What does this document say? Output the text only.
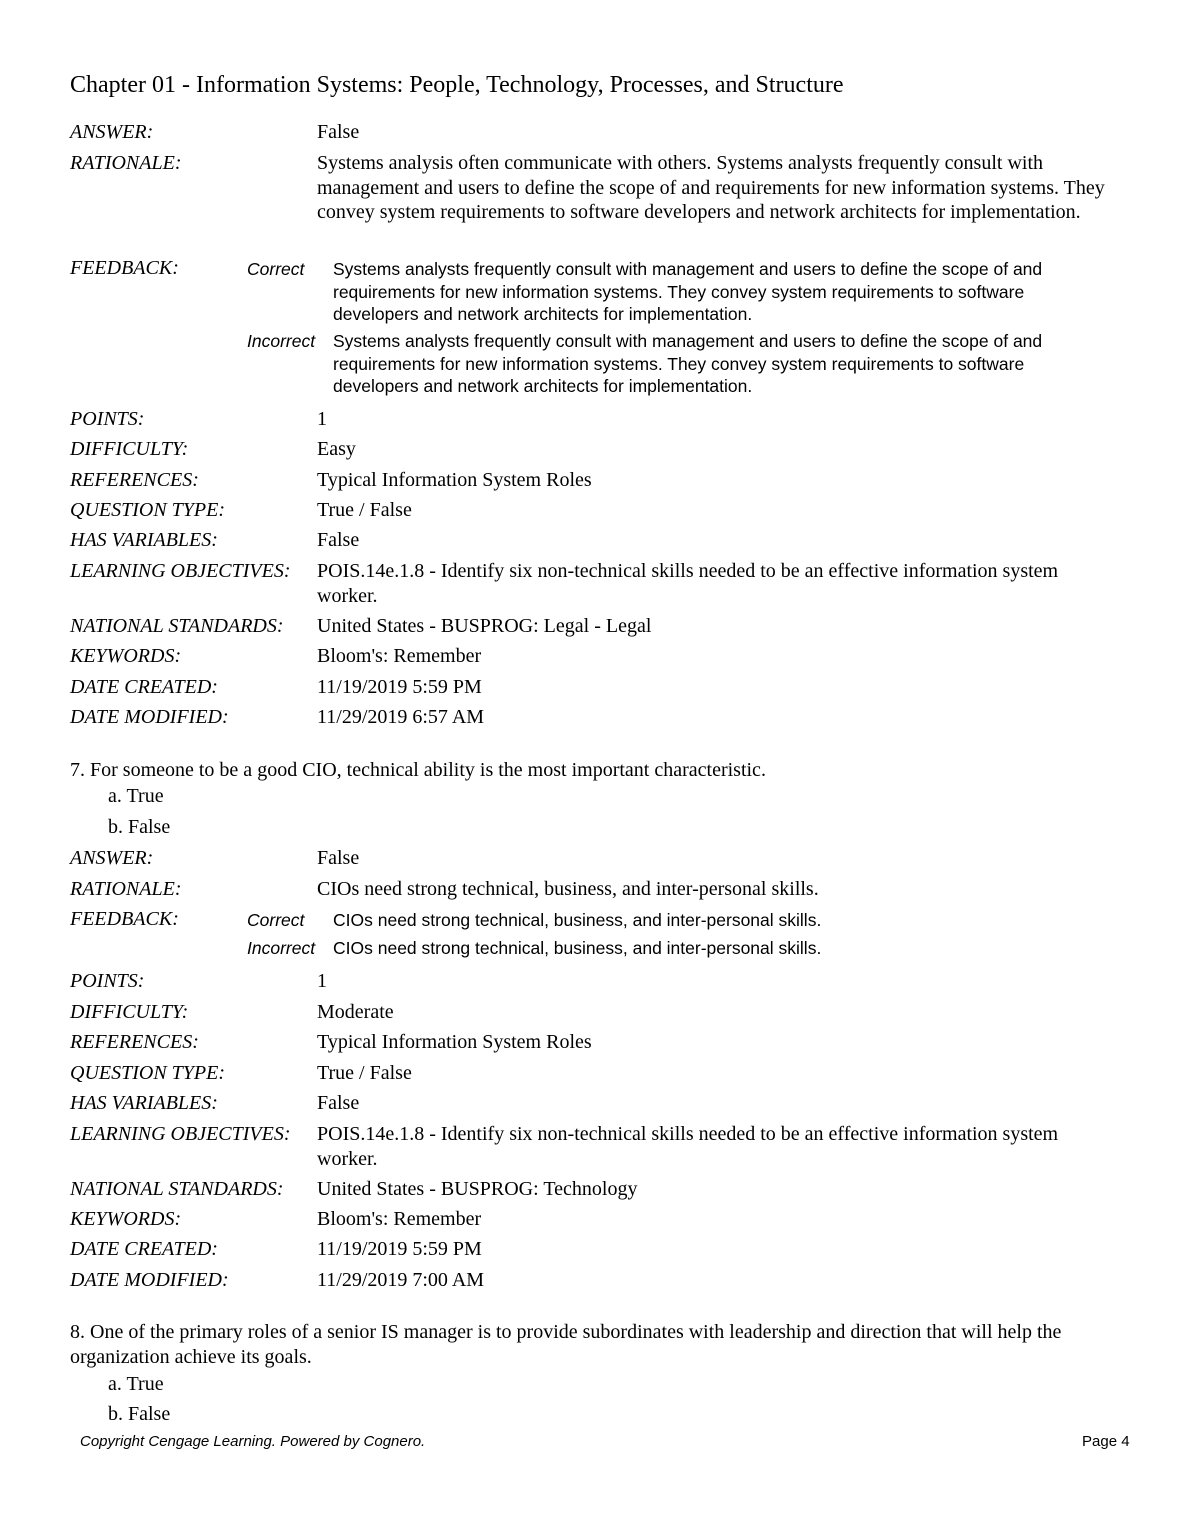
Chapter 01 - Information Systems: People, Technology, Processes, and Structure
ANSWER:	False
RATIONALE:	Systems analysis often communicate with others. Systems analysts frequently consult with management and users to define the scope of and requirements for new information systems. They convey system requirements to software developers and network architects for implementation.
FEEDBACK:	Correct Systems analysts frequently consult with management and users to define the scope of and requirements for new information systems. They convey system requirements to software developers and network architects for implementation.
Incorrect Systems analysts frequently consult with management and users to define the scope of and requirements for new information systems. They convey system requirements to software developers and network architects for implementation.
POINTS:	1
DIFFICULTY:	Easy
REFERENCES:	Typical Information System Roles
QUESTION TYPE:	True / False
HAS VARIABLES:	False
LEARNING OBJECTIVES: POIS.14e.1.8 - Identify six non-technical skills needed to be an effective information system worker.
NATIONAL STANDARDS: United States - BUSPROG: Legal - Legal
KEYWORDS:	Bloom's: Remember
DATE CREATED:	11/19/2019 5:59 PM
DATE MODIFIED:	11/29/2019 6:57 AM
7. For someone to be a good CIO, technical ability is the most important characteristic.
a. True
b. False
ANSWER:	False
RATIONALE:	CIOs need strong technical, business, and inter-personal skills.
FEEDBACK:	Correct CIOs need strong technical, business, and inter-personal skills.
Incorrect CIOs need strong technical, business, and inter-personal skills.
POINTS:	1
DIFFICULTY:	Moderate
REFERENCES:	Typical Information System Roles
QUESTION TYPE:	True / False
HAS VARIABLES:	False
LEARNING OBJECTIVES: POIS.14e.1.8 - Identify six non-technical skills needed to be an effective information system worker.
NATIONAL STANDARDS: United States - BUSPROG: Technology
KEYWORDS:	Bloom's: Remember
DATE CREATED:	11/19/2019 5:59 PM
DATE MODIFIED:	11/29/2019 7:00 AM
8. One of the primary roles of a senior IS manager is to provide subordinates with leadership and direction that will help the organization achieve its goals.
a. True
b. False
Copyright Cengage Learning. Powered by Cognero.	Page 4
